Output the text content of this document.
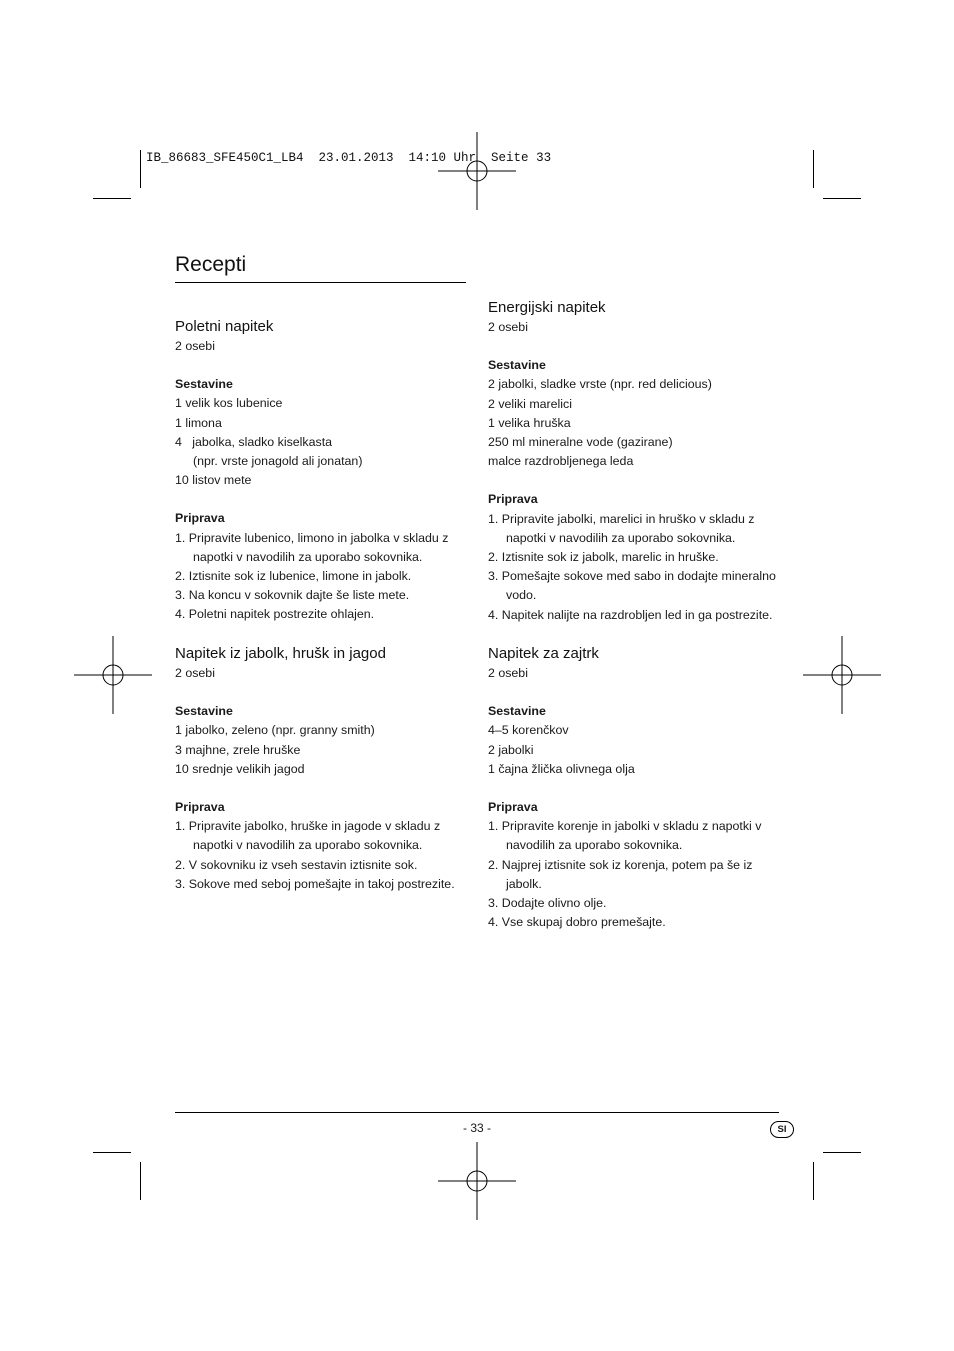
IB_86683_SFE450C1_LB4  23.01.2013  14:10 Uhr  Seite 33
Recepti
Poletni napitek
2 osebi
Sestavine
1 velik kos lubenice
1 limona
4   jabolka, sladko kiselkasta
(npr. vrste jonagold ali jonatan)
10 listov mete
Priprava
1. Pripravite lubenico, limono in jabolka v skladu z napotki v navodilih za uporabo sokovnika.
2. Iztisnite sok iz lubenice, limone in jabolk.
3. Na koncu v sokovnik dajte še liste mete.
4. Poletni napitek postrezite ohlajen.
Napitek iz jabolk, hrušk in jagod
2 osebi
Sestavine
1 jabolko, zeleno (npr. granny smith)
3 majhne, zrele hruške
10 srednje velikih jagod
Priprava
1. Pripravite jabolko, hruške in jagode v skladu z napotki v navodilih za uporabo sokovnika.
2. V sokovniku iz vseh sestavin iztisnite sok.
3. Sokove med seboj pomešajte in takoj postrezite.
Energijski napitek
2 osebi
Sestavine
2 jabolki, sladke vrste (npr. red delicious)
2 veliki marelici
1 velika hruška
250 ml mineralne vode (gazirane)
malce razdrobljenega leda
Priprava
1. Pripravite jabolki, marelici in hruško v skladu z napotki v navodilih za uporabo sokovnika.
2. Iztisnite sok iz jabolk, marelic in hruške.
3. Pomešajte sokove med sabo in dodajte mineralno vodo.
4. Napitek nalijte na razdrobljen led in ga postrezite.
Napitek za zajtrk
2 osebi
Sestavine
4–5 korenčkov
2 jabolki
1 čajna žlička olivnega olja
Priprava
1. Pripravite korenje in jabolki v skladu z napotki v navodilih za uporabo sokovnika.
2. Najprej iztisnite sok iz korenja, potem pa še iz jabolk.
3. Dodajte olivno olje.
4. Vse skupaj dobro premešajte.
- 33 -	SI
